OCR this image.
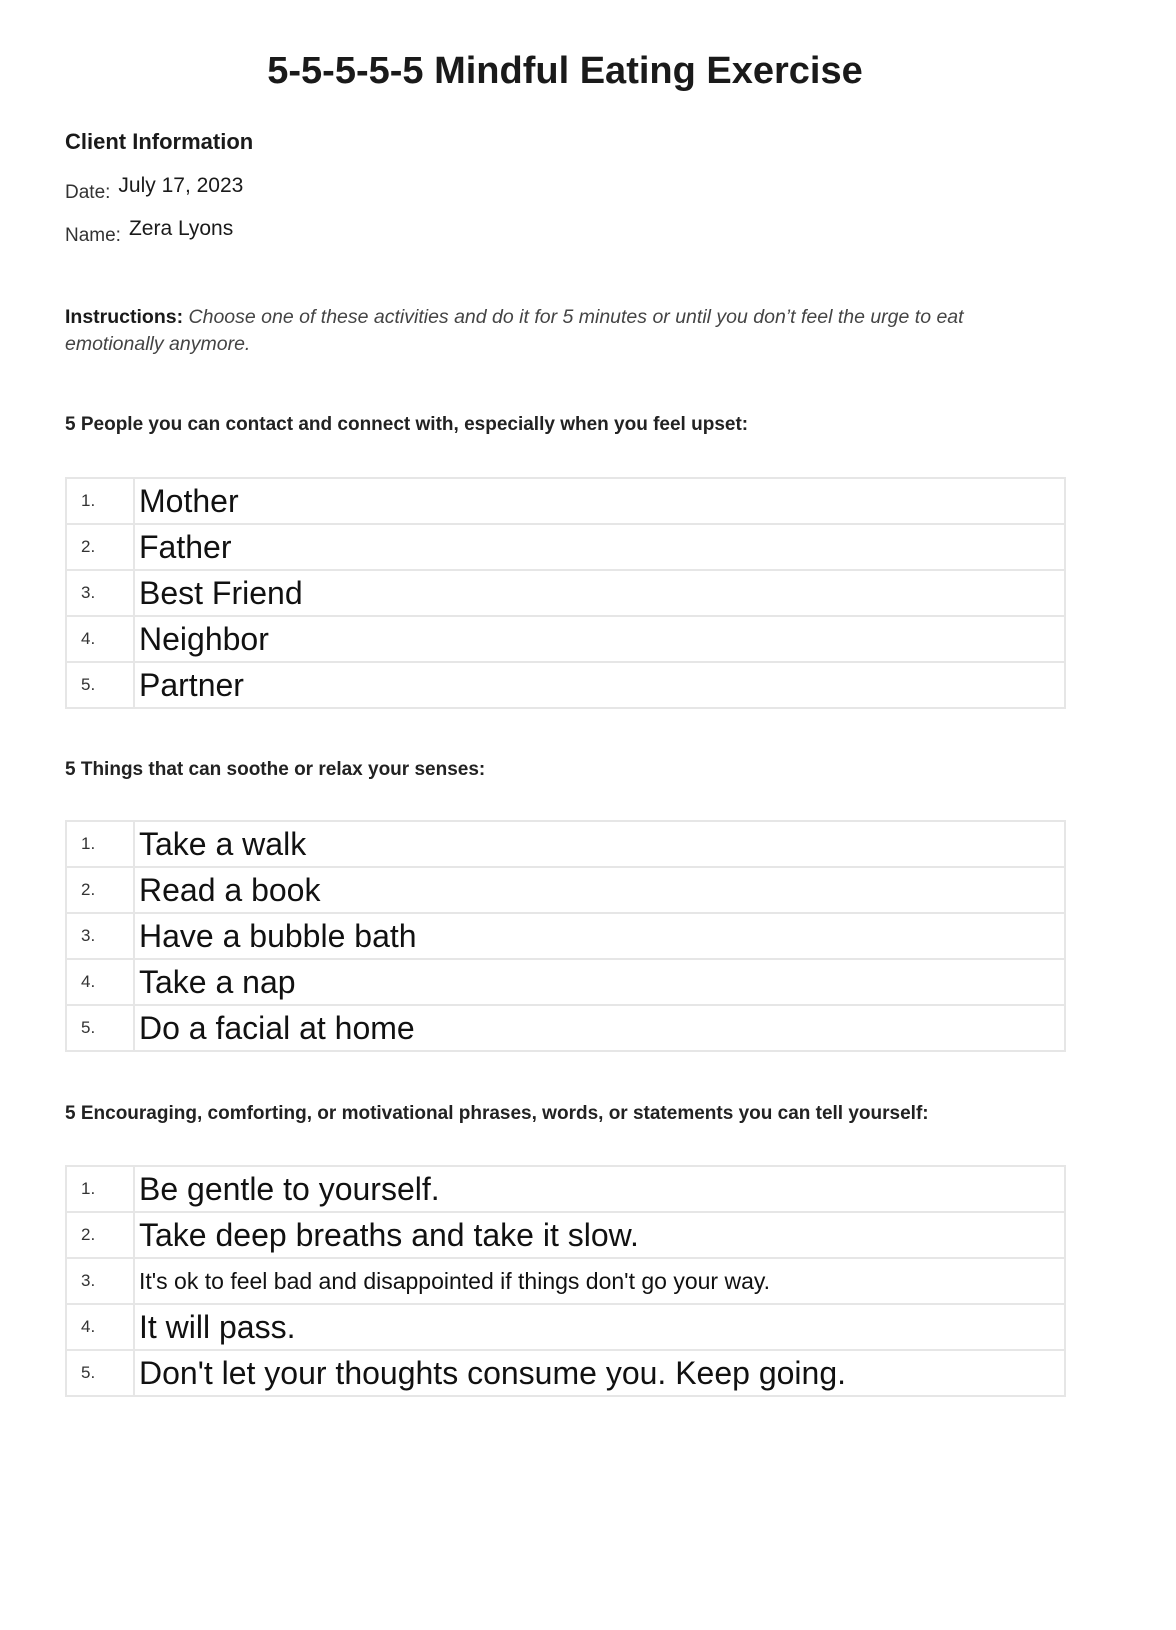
5-5-5-5-5 Mindful Eating Exercise
Client Information
Date: July 17, 2023
Name: Zera Lyons
Instructions: Choose one of these activities and do it for 5 minutes or until you don’t feel the urge to eat emotionally anymore.
5 People you can contact and connect with, especially when you feel upset:
1.	Mother
2.	Father
3.	Best Friend
4.	Neighbor
5.	Partner
5 Things that can soothe or relax your senses:
1.	Take a walk
2.	Read a book
3.	Have a bubble bath
4.	Take a nap
5.	Do a facial at home
5 Encouraging, comforting, or motivational phrases, words, or statements you can tell yourself:
1.	Be gentle to yourself.
2.	Take deep breaths and take it slow.
3.	It's ok to feel bad and disappointed if things don't go your way.
4.	It will pass.
5.	Don't let your thoughts consume you. Keep going.
